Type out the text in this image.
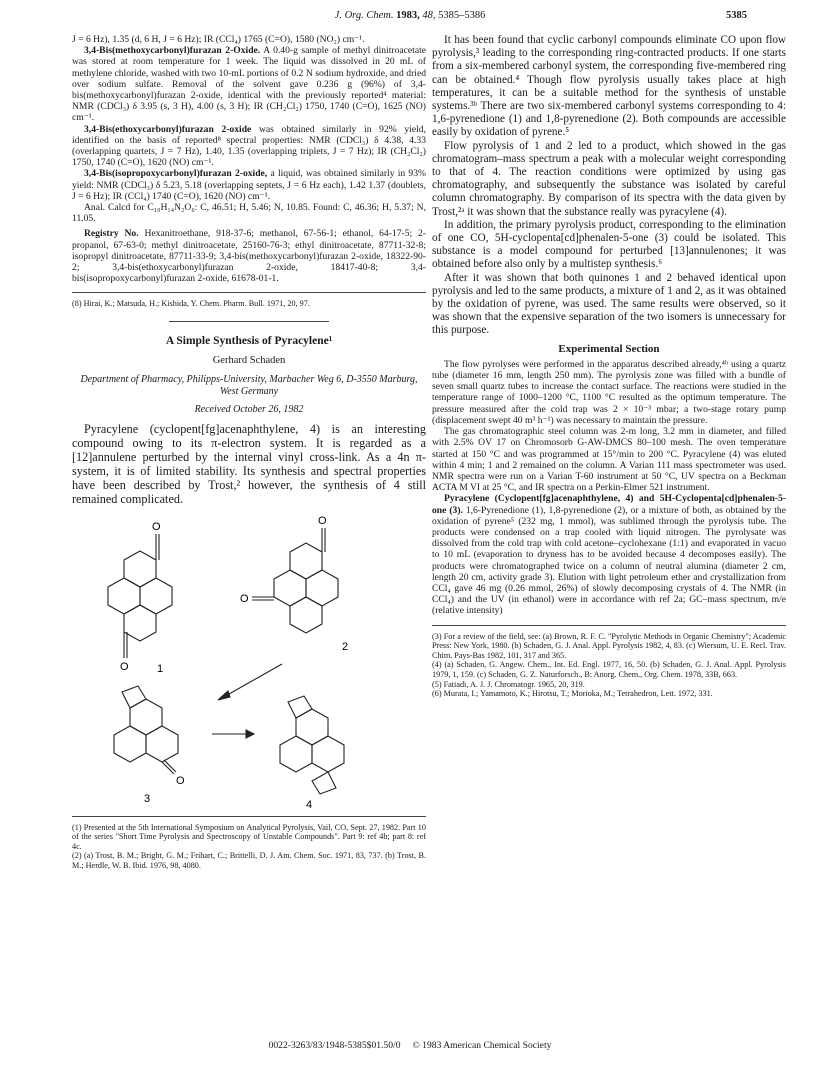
J. Org. Chem. 1983, 48, 5385–5386	5385

J = 6 Hz), 1.35 (d, 6 H, J = 6 Hz); IR (CCl₄) 1765 (C=O), 1580 (NO₂) cm⁻¹.

3,4-Bis(methoxycarbonyl)furazan 2-Oxide. A 0.40-g sample of methyl dinitroacetate was stored at room temperature for 1 week. The liquid was dissolved in 20 mL of methylene chloride, washed with two 10-mL portions of 0.2 N sodium hydroxide, and dried over sodium sulfate. Removal of the solvent gave 0.236 g (96%) of 3,4-bis(methoxycarbonyl)furazan 2-oxide, identical with the previously reported⁴ material: NMR (CDCl₃) δ 3.95 (s, 3 H), 4.00 (s, 3 H); IR (CH₂Cl₂) 1750, 1740 (C=O), 1625 (NO) cm⁻¹.

3,4-Bis(ethoxycarbonyl)furazan 2-oxide was obtained similarly in 92% yield, identified on the basis of reported⁸ spectral properties: NMR (CDCl₃) δ 4.38, 4.33 (overlapping quartets, J = 7 Hz), 1.40, 1.35 (overlapping triplets, J = 7 Hz); IR (CH₂Cl₂) 1750, 1740 (C=O), 1620 (NO) cm⁻¹.

3,4-Bis(isopropoxycarbonyl)furazan 2-oxide, a liquid, was obtained similarly in 93% yield: NMR (CDCl₃) δ 5.23, 5.18 (overlapping septets, J = 6 Hz each), 1.42 1.37 (doublets, J = 6 Hz); IR (CCl₄) 1740 (C=O), 1620 (NO) cm⁻¹.

Anal. Calcd for C₁₀H₁₄N₂O₆: C, 46.51; H, 5.46; N, 10.85. Found: C, 46.36; H, 5.37; N, 11.05.

Registry No. Hexanitroethane, 918-37-6; methanol, 67-56-1; ethanol, 64-17-5; 2-propanol, 67-63-0; methyl dinitroacetate, 25160-76-3; ethyl dinitroacetate, 87711-32-8; isopropyl dinitroacetate, 87711-33-9; 3,4-bis(methoxycarbonyl)furazan 2-oxide, 18322-90-2; 3,4-bis(ethoxycarbonyl)furazan 2-oxide, 18417-40-8; 3,4-bis(isopropoxycarbonyl)furazan 2-oxide, 61678-01-1.

(8) Hirai, K.; Matsuda, H.; Kishida, Y. Chem. Pharm. Bull. 1971, 20, 97.

A Simple Synthesis of Pyracylene¹
Gerhard Schaden
Department of Pharmacy, Philipps-University, Marbacher Weg 6, D-3550 Marburg, West Germany
Received October 26, 1982

Pyracylene (cyclopent[fg]acenaphthylene, 4) is an interesting compound owing to its π-electron system. It is regarded as a [12]annulene perturbed by the internal vinyl cross-link. As a 4n π-system, it is of limited stability. Its synthesis and spectral properties have been described by Trost,² however, the synthesis of 4 still remained complicated.

O
O	1
O
O
2
O
3	4

(1) Presented at the 5th International Symposium on Analytical Pyrolysis, Vail, CO, Sept. 27, 1982. Part 10 of the series "Short Time Pyrolysis and Spectroscopy of Unstable Compounds". Part 9: ref 4b; part 8: ref 4c.

(2) (a) Trost, B. M.; Bright, G. M.; Frihart, C.; Brittelli, D. J. Am. Chem. Soc. 1971, 83, 737. (b) Trost, B. M.; Herdle, W. B. Ibid. 1976, 98, 4080.

It has been found that cyclic carbonyl compounds eliminate CO upon flow pyrolysis,³ leading to the corresponding ring-contracted products. If one starts from a six-membered carbonyl system, the corresponding five-membered ring can be obtained.⁴ Though flow pyrolysis usually takes place at high temperatures, it can be a suitable method for the synthesis of unstable systems.³ᵇ There are two six-membered carbonyl systems corresponding to 4: 1,6-pyrenedione (1) and 1,8-pyrenedione (2). Both compounds are accessible easily by oxidation of pyrene.⁵

Flow pyrolysis of 1 and 2 led to a product, which showed in the gas chromatogram–mass spectrum a peak with a molecular weight corresponding to that of 4. The reaction conditions were optimized by using gas chromatography, and subsequently the substance was isolated by careful column chromatography. By comparison of its spectra with the data given by Trost,²ᵃ it was shown that the substance really was pyracylene (4).

In addition, the primary pyrolysis product, corresponding to the elimination of one CO, 5H-cyclopenta[cd]phenalen-5-one (3) could be isolated. This substance is a model compound for perturbed [13]annulenones; it was obtained before also only by a multistep synthesis.⁶

After it was shown that both quinones 1 and 2 behaved identical upon pyrolysis and led to the same products, a mixture of 1 and 2, as it was obtained by the oxidation of pyrene, was used. The same results were observed, so it was shown that the expensive separation of the two isomers is unnecessary for this purpose.

Experimental Section

The flow pyrolyses were performed in the apparatus described already,⁴ᵇ using a quartz tube (diameter 16 mm, length 250 mm). The pyrolysis zone was filled with a bundle of seven small quartz tubes to increase the contact surface. The reactions were studied in the temperature range of 1000–1200 °C, 1100 °C resulted as the optimum temperature. The pressure measured after the cold trap was 2 × 10⁻³ mbar; a two-stage rotary pump (displacement swept 40 m³ h⁻¹) was necessary to maintain the pressure.

The gas chromatographic steel column was 2-m long, 3.2 mm in diameter, and filled with 2.5% OV 17 on Chromosorb G-AW-DMCS 80–100 mesh. The oven temperature started at 150 °C and was programmed at 15°/min to 200 °C. Pyracylene (4) was eluted within 4 min; 1 and 2 remained on the column. A Varian 111 mass spectrometer was used. NMR spectra were run on a Varian T-60 instrument at 50 °C, UV spectra on a Beckman ACTA M VI at 25 °C, and IR spectra on a Perkin-Elmer 521 instrument.

Pyracylene (Cyclopent[fg]acenaphthylene, 4) and 5H-Cyclopenta[cd]phenalen-5-one (3). 1,6-Pyrenedione (1), 1,8-pyrenedione (2), or a mixture of both, as obtained by the oxidation of pyrene⁵ (232 mg, 1 mmol), was sublimed through the pyrolysis tube. The products were condensed on a trap cooled with liquid nitrogen. The pyrolysate was dissolved from the cold trap with cold acetone–cyclohexane (1:1) and evaporated in vacuo to 10 mL (evaporation to dryness has to be avoided because 4 decomposes easily). The products were chromatographed twice on a column of neutral alumina (diameter 2 cm, length 20 cm, activity grade 3). Elution with light petroleum ether and crystallization from CCl₄ gave 46 mg (0.26 mmol, 26%) of slowly decomposing crystals of 4. The NMR (in CCl₄) and the UV (in ethanol) were in accordance with ref 2a; GC–mass spectrum, m/e (relative intensity)

(3) For a review of the field, see: (a) Brown, R. F. C. "Pyrolytic Methods in Organic Chemistry"; Academic Press: New York, 1980. (b) Schaden, G. J. Anal. Appl. Pyrolysis 1982, 4, 83. (c) Wiersum, U. E. Recl. Trav. Chim. Pays-Bas 1982, 101, 317 and 365.

(4) (a) Schaden, G. Angew. Chem., Int. Ed. Engl. 1977, 16, 50. (b) Schaden, G. J. Anal. Appl. Pyrolysis 1979, 1, 159. (c) Schaden, G. Z. Naturforsch., B: Anorg. Chem., Org. Chem. 1978, 33B, 663.

(5) Fatiadi, A. J. J. Chromatogr. 1965, 20, 319.

(6) Murata, I.; Yamamoto, K.; Hirotsu, T.; Morioka, M.; Tetrahedron, Lett. 1972, 331.

0022-3263/83/1948-5385$01.50/0 © 1983 American Chemical Society
